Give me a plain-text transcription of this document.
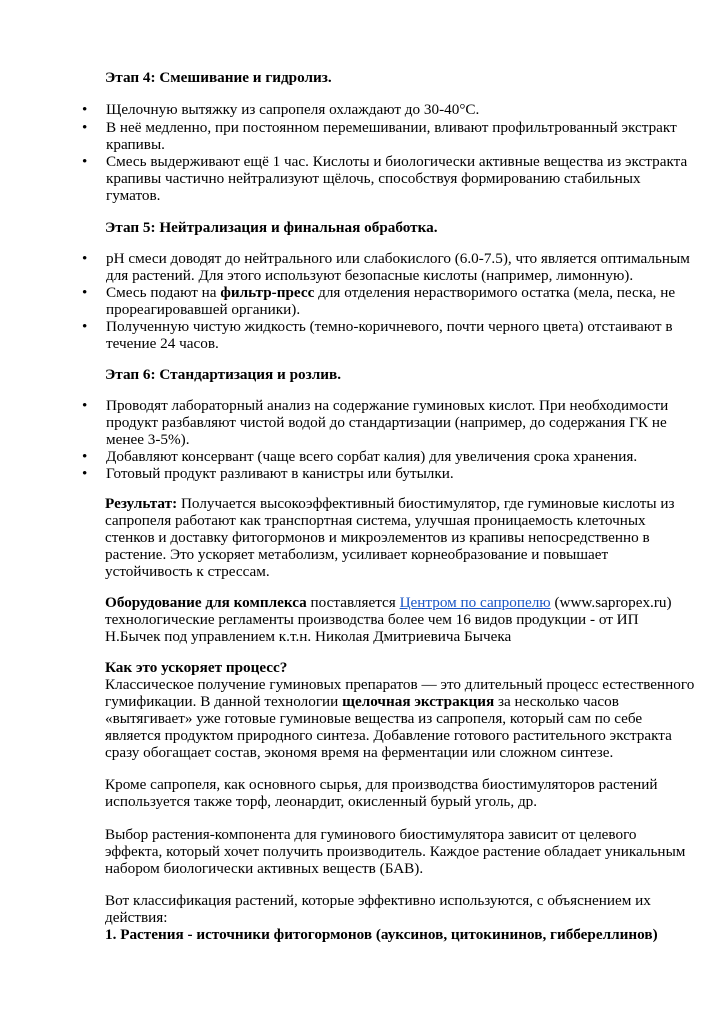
Этап 4: Смешивание и гидролиз.
• Щелочную вытяжку из сапропеля охлаждают до 30-40°С.
• В неё медленно, при постоянном перемешивании, вливают профильтрованный экстракт
крапивы.
• Смесь выдерживают ещё 1 час. Кислоты и биологически активные вещества из экстракта
крапивы частично нейтрализуют щёлочь, способствуя формированию стабильных
гуматов.
Этап 5: Нейтрализация и финальная обработка.
• pH смеси доводят до нейтрального или слабокислого (6.0-7.5), что является оптимальным
для растений. Для этого используют безопасные кислоты (например, лимонную).
• Смесь подают на фильтр-пресс для отделения нерастворимого остатка (мела, песка, не
прореагировавшей органики).
• Полученную чистую жидкость (темно-коричневого, почти черного цвета) отстаивают в
течение 24 часов.
Этап 6: Стандартизация и розлив.
• Проводят лабораторный анализ на содержание гуминовых кислот. При необходимости
продукт разбавляют чистой водой до стандартизации (например, до содержания ГК не
менее 3-5%).
• Добавляют консервант (чаще всего сорбат калия) для увеличения срока хранения.
• Готовый продукт разливают в канистры или бутылки.
Результат: Получается высокоэффективный биостимулятор, где гуминовые кислоты из
сапропеля работают как транспортная система, улучшая проницаемость клеточных
стенков и доставку фитогормонов и микроэлементов из крапивы непосредственно в
растение. Это ускоряет метаболизм, усиливает корнеобразование и повышает
устойчивость к стрессам.
Оборудование для комплекса поставляется Центром по сапропелю (www.sapropex.ru)
технологические регламенты производства более чем 16 видов продукции - от ИП
Н.Бычек под управлением к.т.н. Николая Дмитриевича Бычека
Как это ускоряет процесс?
Классическое получение гуминовых препаратов — это длительный процесс естественного
гумификации. В данной технологии щелочная экстракция за несколько часов
«вытягивает» уже готовые гуминовые вещества из сапропеля, который сам по себе
является продуктом природного синтеза. Добавление готового растительного экстракта
сразу обогащает состав, экономя время на ферментации или сложном синтезе.
Кроме сапропеля, как основного сырья, для производства биостимуляторов растений
используется также торф, леонардит, окисленный бурый уголь, др.
Выбор растения-компонента для гуминового биостимулятора зависит от целевого
эффекта, который хочет получить производитель. Каждое растение обладает уникальным
набором биологически активных веществ (БАВ).
Вот классификация растений, которые эффективно используются, с объяснением их
действия:
1. Растения - источники фитогормонов (ауксинов, цитокининов, гиббереллинов)
